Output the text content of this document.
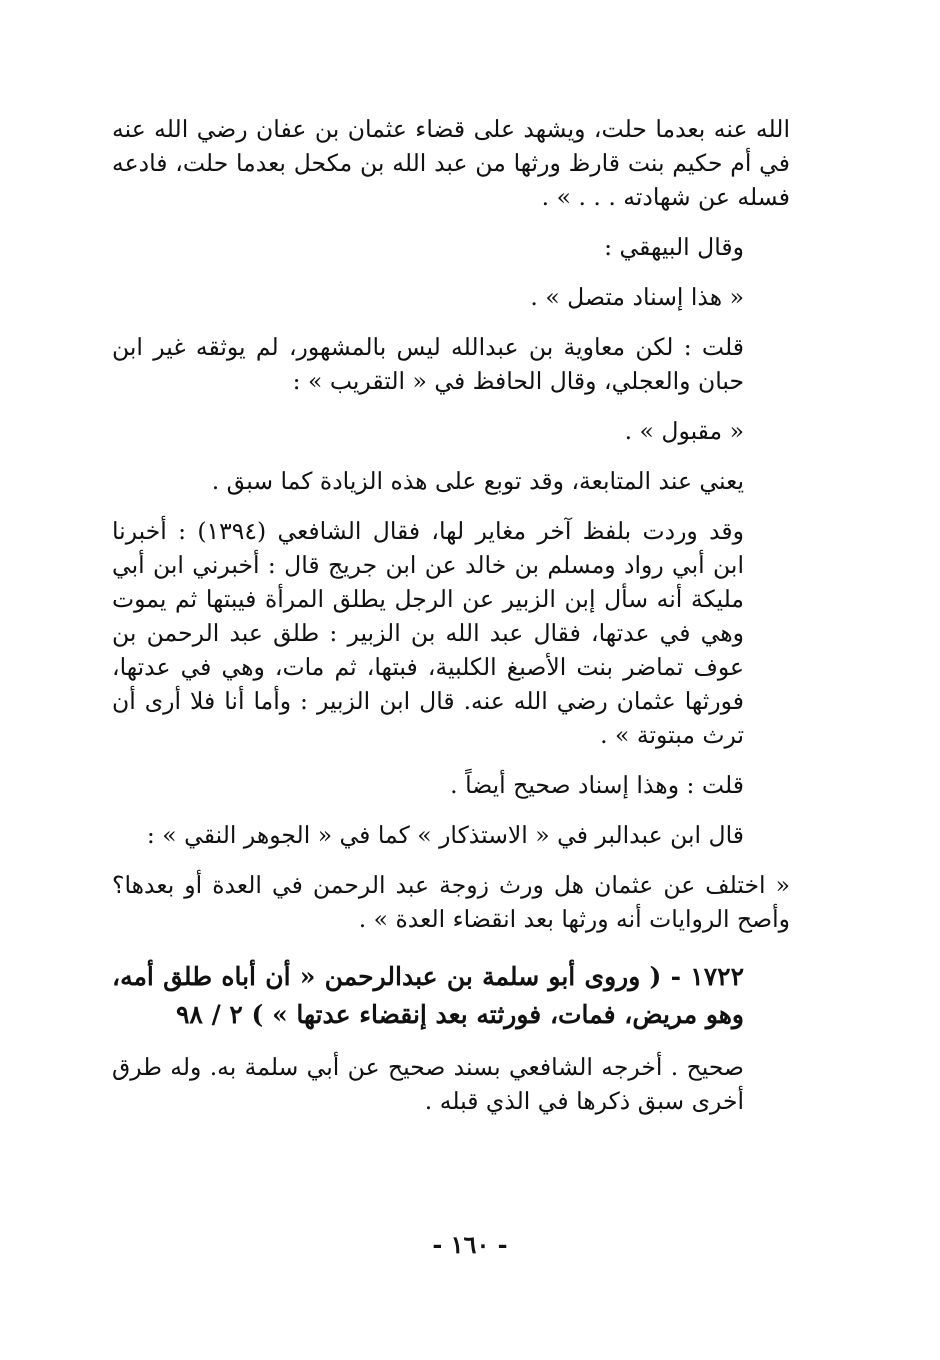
الله عنه بعدما حلت، ويشهد على قضاء عثمان بن عفان رضي الله عنه في أم حكيم بنت قارظ ورثها من عبد الله بن مكحل بعدما حلت، فادعه فسله عن شهادته . . . » .

وقال البيهقي :

« هذا إسناد متصل » .

قلت : لكن معاوية بن عبدالله ليس بالمشهور، لم يوثقه غير ابن حبان والعجلي، وقال الحافظ في « التقريب » :

« مقبول » .

يعني عند المتابعة، وقد توبع على هذه الزيادة كما سبق .

وقد وردت بلفظ آخر مغاير لها، فقال الشافعي (١٣٩٤) : أخبرنا ابن أبي رواد ومسلم بن خالد عن ابن جريج قال : أخبرني ابن أبي مليكة أنه سأل إبن الزبير عن الرجل يطلق المرأة فيبتها ثم يموت وهي في عدتها، فقال عبد الله بن الزبير : طلق عبد الرحمن بن عوف تماضر بنت الأصبغ الكلبية، فبتها، ثم مات، وهي في عدتها، فورثها عثمان رضي الله عنه. قال ابن الزبير : وأما أنا فلا أرى أن ترث مبتوتة » .

قلت : وهذا إسناد صحيح أيضاً .

قال ابن عبدالبر في « الاستذكار » كما في « الجوهر النقي » :

« اختلف عن عثمان هل ورث زوجة عبد الرحمن في العدة أو بعدها؟ وأصح الروايات أنه ورثها بعد انقضاء العدة » .

١٧٢٢ - ( وروى أبو سلمة بن عبدالرحمن « أن أباه طلق أمه، وهو مريض، فمات، فورثته بعد إنقضاء عدتها » ) ٢ / ٩٨

صحيح . أخرجه الشافعي بسند صحيح عن أبي سلمة به. وله طرق أخرى سبق ذكرها في الذي قبله .

- ١٦٠ -
